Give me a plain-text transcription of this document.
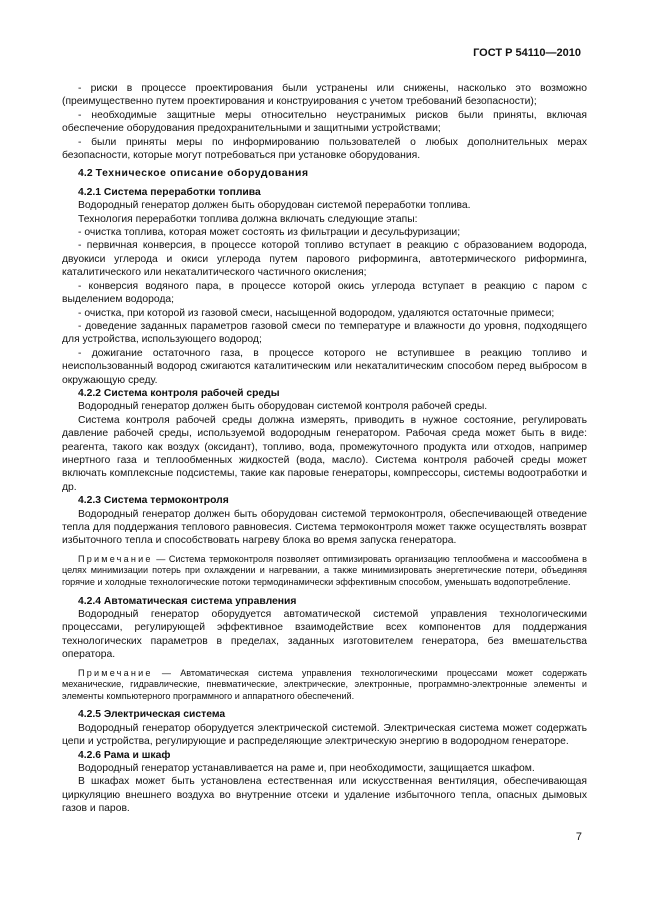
ГОСТ Р 54110—2010

- риски в процессе проектирования были устранены или снижены, насколько это возможно (преимущественно путем проектирования и конструирования с учетом требований безопасности);

- необходимые защитные меры относительно неустранимых рисков были приняты, включая обеспечение оборудования предохранительными и защитными устройствами;

- были приняты меры по информированию пользователей о любых дополнительных мерах безопасности, которые могут потребоваться при установке оборудования.

4.2 Техническое описание оборудования

4.2.1 Система переработки топлива

Водородный генератор должен быть оборудован системой переработки топлива.

Технология переработки топлива должна включать следующие этапы:

- очистка топлива, которая может состоять из фильтрации и десульфуризации;

- первичная конверсия, в процессе которой топливо вступает в реакцию с образованием водорода, двуокиси углерода и окиси углерода путем парового риформинга, автотермического риформинга, каталитического или некаталитического частичного окисления;

- конверсия водяного пара, в процессе которой окись углерода вступает в реакцию с паром с выделением водорода;

- очистка, при которой из газовой смеси, насыщенной водородом, удаляются остаточные примеси;

- доведение заданных параметров газовой смеси по температуре и влажности до уровня, подходящего для устройства, использующего водород;

- дожигание остаточного газа, в процессе которого не вступившее в реакцию топливо и неиспользованный водород сжигаются каталитическим или некаталитическим способом перед выбросом в окружающую среду.

4.2.2 Система контроля рабочей среды

Водородный генератор должен быть оборудован системой контроля рабочей среды.

Система контроля рабочей среды должна измерять, приводить в нужное состояние, регулировать давление рабочей среды, используемой водородным генератором. Рабочая среда может быть в виде: реагента, такого как воздух (оксидант), топливо, вода, промежуточного продукта или отходов, например инертного газа и теплообменных жидкостей (вода, масло). Система контроля рабочей среды может включать комплексные подсистемы, такие как паровые генераторы, компрессоры, системы водоотработки и др.

4.2.3 Система термоконтроля

Водородный генератор должен быть оборудован системой термоконтроля, обеспечивающей отведение тепла для поддержания теплового равновесия. Система термоконтроля может также осуществлять возврат избыточного тепла и способствовать нагреву блока во время запуска генератора.

Примечание — Система термоконтроля позволяет оптимизировать организацию теплообмена и массообмена в целях минимизации потерь при охлаждении и нагревании, а также минимизировать энергетические потери, объединяя горячие и холодные технологические потоки термодинамически эффективным способом, уменьшать водопотребление.

4.2.4 Автоматическая система управления

Водородный генератор оборудуется автоматической системой управления технологическими процессами, регулирующей эффективное взаимодействие всех компонентов для поддержания технологических параметров в пределах, заданных изготовителем генератора, без вмешательства оператора.

Примечание — Автоматическая система управления технологическими процессами может содержать механические, гидравлические, пневматические, электрические, электронные, программно-электронные элементы и элементы компьютерного программного и аппаратного обеспечений.

4.2.5 Электрическая система

Водородный генератор оборудуется электрической системой. Электрическая система может содержать цепи и устройства, регулирующие и распределяющие электрическую энергию в водородном генераторе.

4.2.6 Рама и шкаф

Водородный генератор устанавливается на раме и, при необходимости, защищается шкафом.

В шкафах может быть установлена естественная или искусственная вентиляция, обеспечивающая циркуляцию внешнего воздуха во внутренние отсеки и удаление избыточного тепла, опасных дымовых газов и паров.

7
